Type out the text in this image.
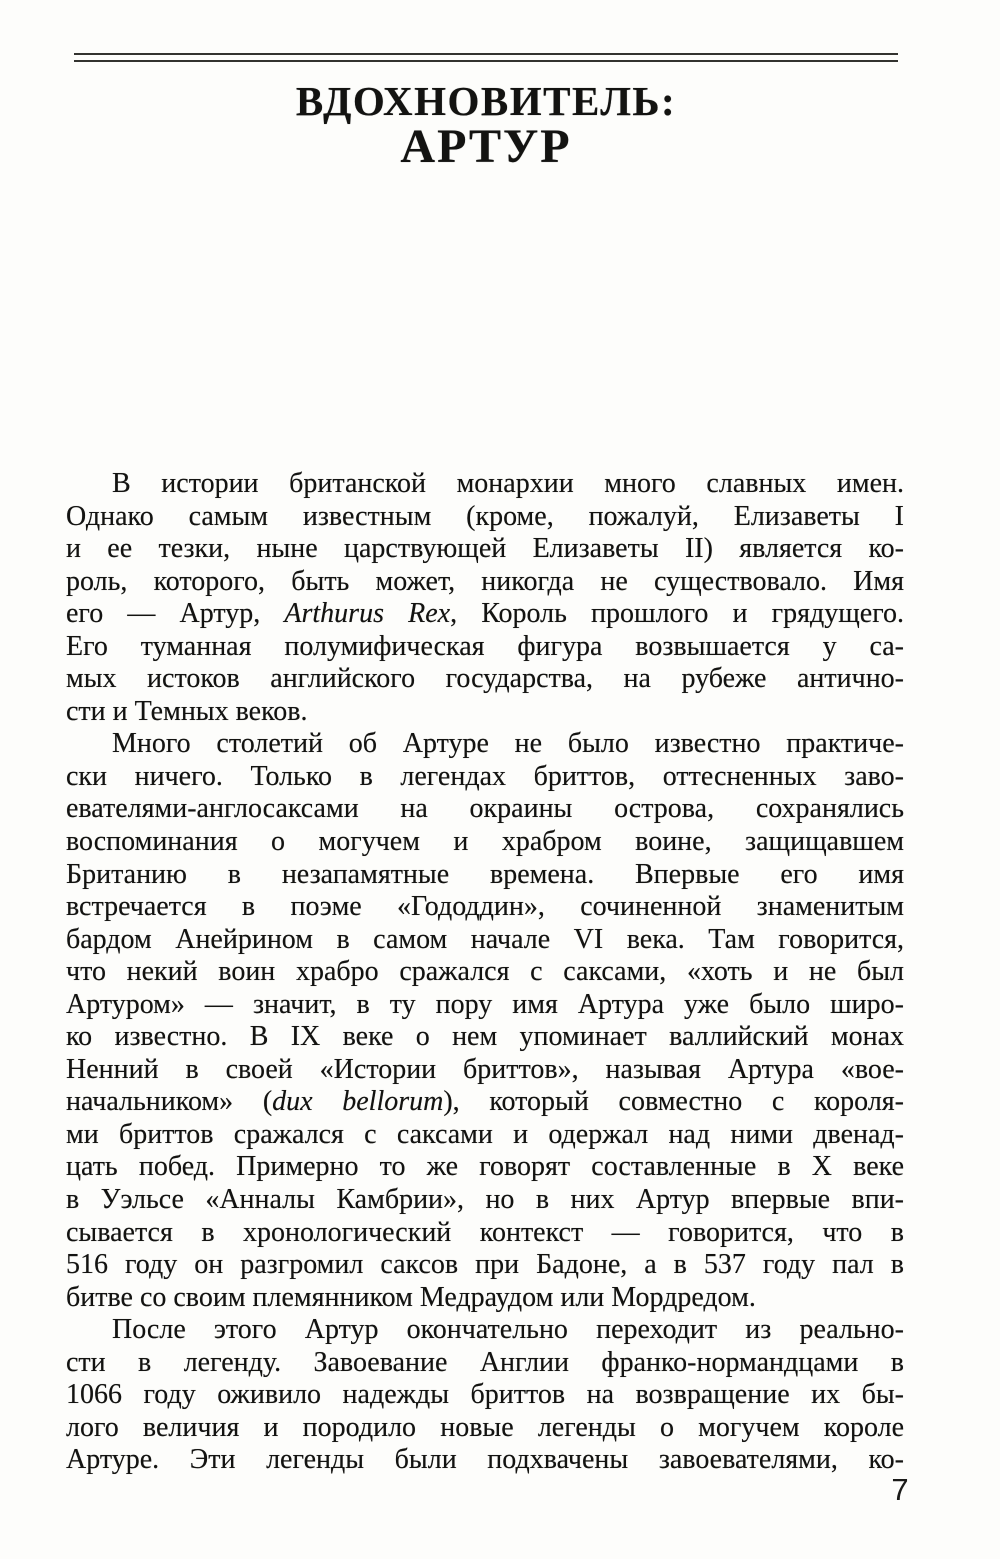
ВДОХНОВИТЕЛЬ:
АРТУР
В истории британской монархии много славных имен.
Однако самым известным (кроме, пожалуй, Елизаветы I
и ее тезки, ныне царствующей Елизаветы II) является ко-
роль, которого, быть может, никогда не существовало. Имя
его — Артур, Arthurus Rex, Король прошлого и грядущего.
Его туманная полумифическая фигура возвышается у са-
мых истоков английского государства, на рубеже антично-
сти и Темных веков.
Много столетий об Артуре не было известно практиче-
ски ничего. Только в легендах бриттов, оттесненных заво-
евателями-англосаксами на окраины острова, сохранялись
воспоминания о могучем и храбром воине, защищавшем
Британию в незапамятные времена. Впервые его имя
встречается в поэме «Гододдин», сочиненной знаменитым
бардом Анейрином в самом начале VI века. Там говорится,
что некий воин храбро сражался с саксами, «хоть и не был
Артуром» — значит, в ту пору имя Артура уже было широ-
ко известно. В IX веке о нем упоминает валлийский монах
Ненний в своей «Истории бриттов», называя Артура «вое-
начальником» (dux bellorum), который совместно с короля-
ми бриттов сражался с саксами и одержал над ними двенад-
цать побед. Примерно то же говорят составленные в X веке
в Уэльсе «Анналы Камбрии», но в них Артур впервые впи-
сывается в хронологический контекст — говорится, что в
516 году он разгромил саксов при Бадоне, а в 537 году пал в
битве со своим племянником Медраудом или Мордредом.
После этого Артур окончательно переходит из реально-
сти в легенду. Завоевание Англии франко-нормандцами в
1066 году оживило надежды бриттов на возвращение их бы-
лого величия и породило новые легенды о могучем короле
Артуре. Эти легенды были подхвачены завоевателями, ко-
7
